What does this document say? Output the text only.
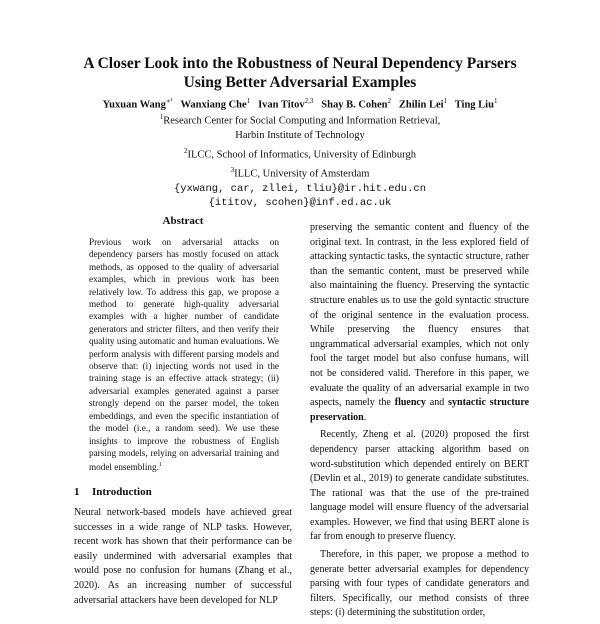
A Closer Look into the Robustness of Neural Dependency Parsers
Using Better Adversarial Examples
Yuxuan Wang$^{∗^1}$ Wanxiang Che$^1$ Ivan Titov$^{2,3}$ Shay B. Cohen$^2$ Zhilin Lei$^1$ Ting Liu$^1$
$^1$Research Center for Social Computing and Information Retrieval,
Harbin Institute of Technology
$^2$ILCC, School of Informatics, University of Edinburgh
$^3$ILLC, University of Amsterdam
{yxwang, car, zllei, tliu}@ir.hit.edu.cn
{ititov, scohen}@inf.ed.ac.uk
Abstract

Previous work on adversarial attacks on dependency parsers has mostly focused on attack methods, as opposed to the quality of adversarial examples, which in previous work has been relatively low. To address this gap, we propose a method to generate high-quality adversarial examples with a higher number of candidate generators and stricter filters, and then verify their quality using automatic and human evaluations. We perform analysis with different parsing models and observe that: (i) injecting words not used in the training stage is an effective attack strategy; (ii) adversarial examples generated against a parser strongly depend on the parser model, the token embeddings, and even the specific instantiation of the model (i.e., a random seed). We use these insights to improve the robustness of English parsing models, relying on adversarial training and model ensembling.$^1$

1 Introduction

Neural network-based models have achieved great successes in a wide range of NLP tasks. However, recent work has shown that their performance can be easily undermined with adversarial examples that would pose no confusion for humans (Zhang et al., 2020). As an increasing number of successful adversarial attackers have been developed for NLP

preserving the semantic content and fluency of the original text. In contrast, in the less explored field of attacking syntactic tasks, the syntactic structure, rather than the semantic content, must be preserved while also maintaining the fluency. Preserving the syntactic structure enables us to use the gold syntactic structure of the original sentence in the evaluation process. While preserving the fluency ensures that ungrammatical adversarial examples, which not only fool the target model but also confuse humans, will not be considered valid. Therefore in this paper, we evaluate the quality of an adversarial example in two aspects, namely the fluency and syntactic structure preservation.

Recently, Zheng et al. (2020) proposed the first dependency parser attacking algorithm based on word-substitution which depended entirely on BERT (Devlin et al., 2019) to generate candidate substitutes. The rational was that the use of the pre-trained language model will ensure fluency of the adversarial examples. However, we find that using BERT alone is far from enough to preserve fluency.

Therefore, in this paper, we propose a method to generate better adversarial examples for dependency parsing with four types of candidate generators and filters. Specifically, our method consists of three steps: (i) determining the substitution order,
